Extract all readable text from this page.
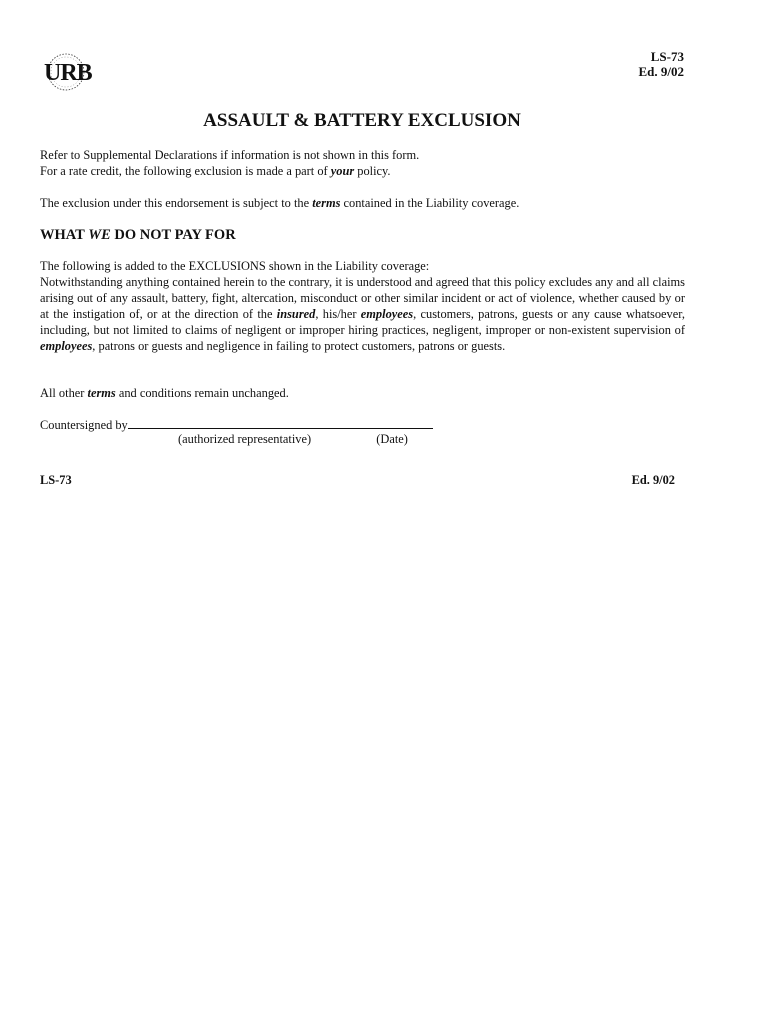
URB
LS-73
Ed. 9/02
ASSAULT & BATTERY EXCLUSION
Refer to Supplemental Declarations if information is not shown in this form.
For a rate credit, the following exclusion is made a part of your policy.
The exclusion under this endorsement is subject to the terms contained in the Liability coverage.
WHAT WE DO NOT PAY FOR
The following is added to the EXCLUSIONS shown in the Liability coverage:
Notwithstanding anything contained herein to the contrary, it is understood and agreed that this policy excludes any and all claims arising out of any assault, battery, fight, altercation, misconduct or other similar incident or act of violence, whether caused by or at the instigation of, or at the direction of the insured, his/her employees, customers, patrons, guests or any cause whatsoever, including, but not limited to claims of negligent or improper hiring practices, negligent, improper or non-existent supervision of employees, patrons or guests and negligence in failing to protect customers, patrons or guests.
All other terms and conditions remain unchanged.
Countersigned by
(authorized representative)	(Date)
LS-73	Ed. 9/02
